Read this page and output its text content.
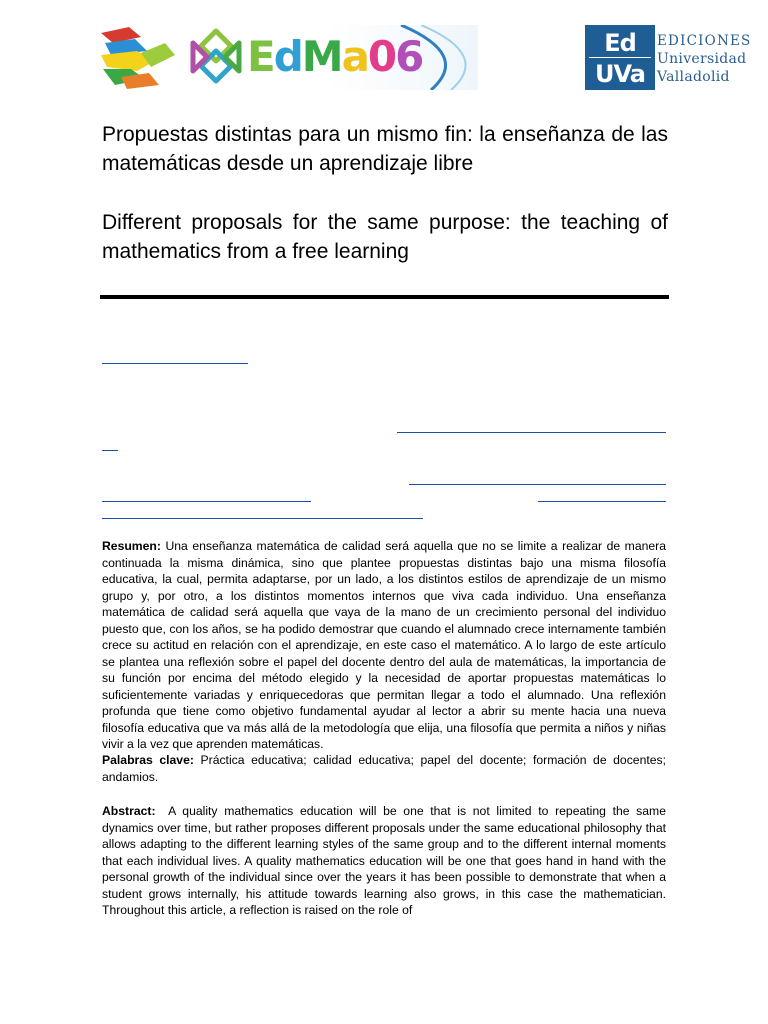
EdMa06	Ed
UVa
EDICIONES
Universidad
Valladolid
Propuestas distintas para un mismo fin: la enseñanza de las matemáticas desde un aprendizaje libre
Different proposals for the same purpose: the teaching of mathematics from a free learning

Resumen: Una enseñanza matemática de calidad será aquella que no se limite a realizar de manera continuada la misma dinámica, sino que plantee propuestas distintas bajo una misma filosofía educativa, la cual, permita adaptarse, por un lado, a los distintos estilos de aprendizaje de un mismo grupo y, por otro, a los distintos momentos internos que viva cada individuo. Una enseñanza matemática de calidad será aquella que vaya de la mano de un crecimiento personal del individuo puesto que, con los años, se ha podido demostrar que cuando el alumnado crece internamente también crece su actitud en relación con el aprendizaje, en este caso el matemático. A lo largo de este artículo se plantea una reflexión sobre el papel del docente dentro del aula de matemáticas, la importancia de su función por encima del método elegido y la necesidad de aportar propuestas matemáticas lo suficientemente variadas y enriquecedoras que permitan llegar a todo el alumnado. Una reflexión profunda que tiene como objetivo fundamental ayudar al lector a abrir su mente hacia una nueva filosofía educativa que va más allá de la metodología que elija, una filosofía que permita a niños y niñas vivir a la vez que aprenden matemáticas.

Palabras clave: Práctica educativa; calidad educativa; papel del docente; formación de docentes; andamios.

Abstract: A quality mathematics education will be one that is not limited to repeating the same dynamics over time, but rather proposes different proposals under the same educational philosophy that allows adapting to the different learning styles of the same group and to the different internal moments that each individual lives. A quality mathematics education will be one that goes hand in hand with the personal growth of the individual since over the years it has been possible to demonstrate that when a student grows internally, his attitude towards learning also grows, in this case the mathematician. Throughout this article, a reflection is raised on the role of
